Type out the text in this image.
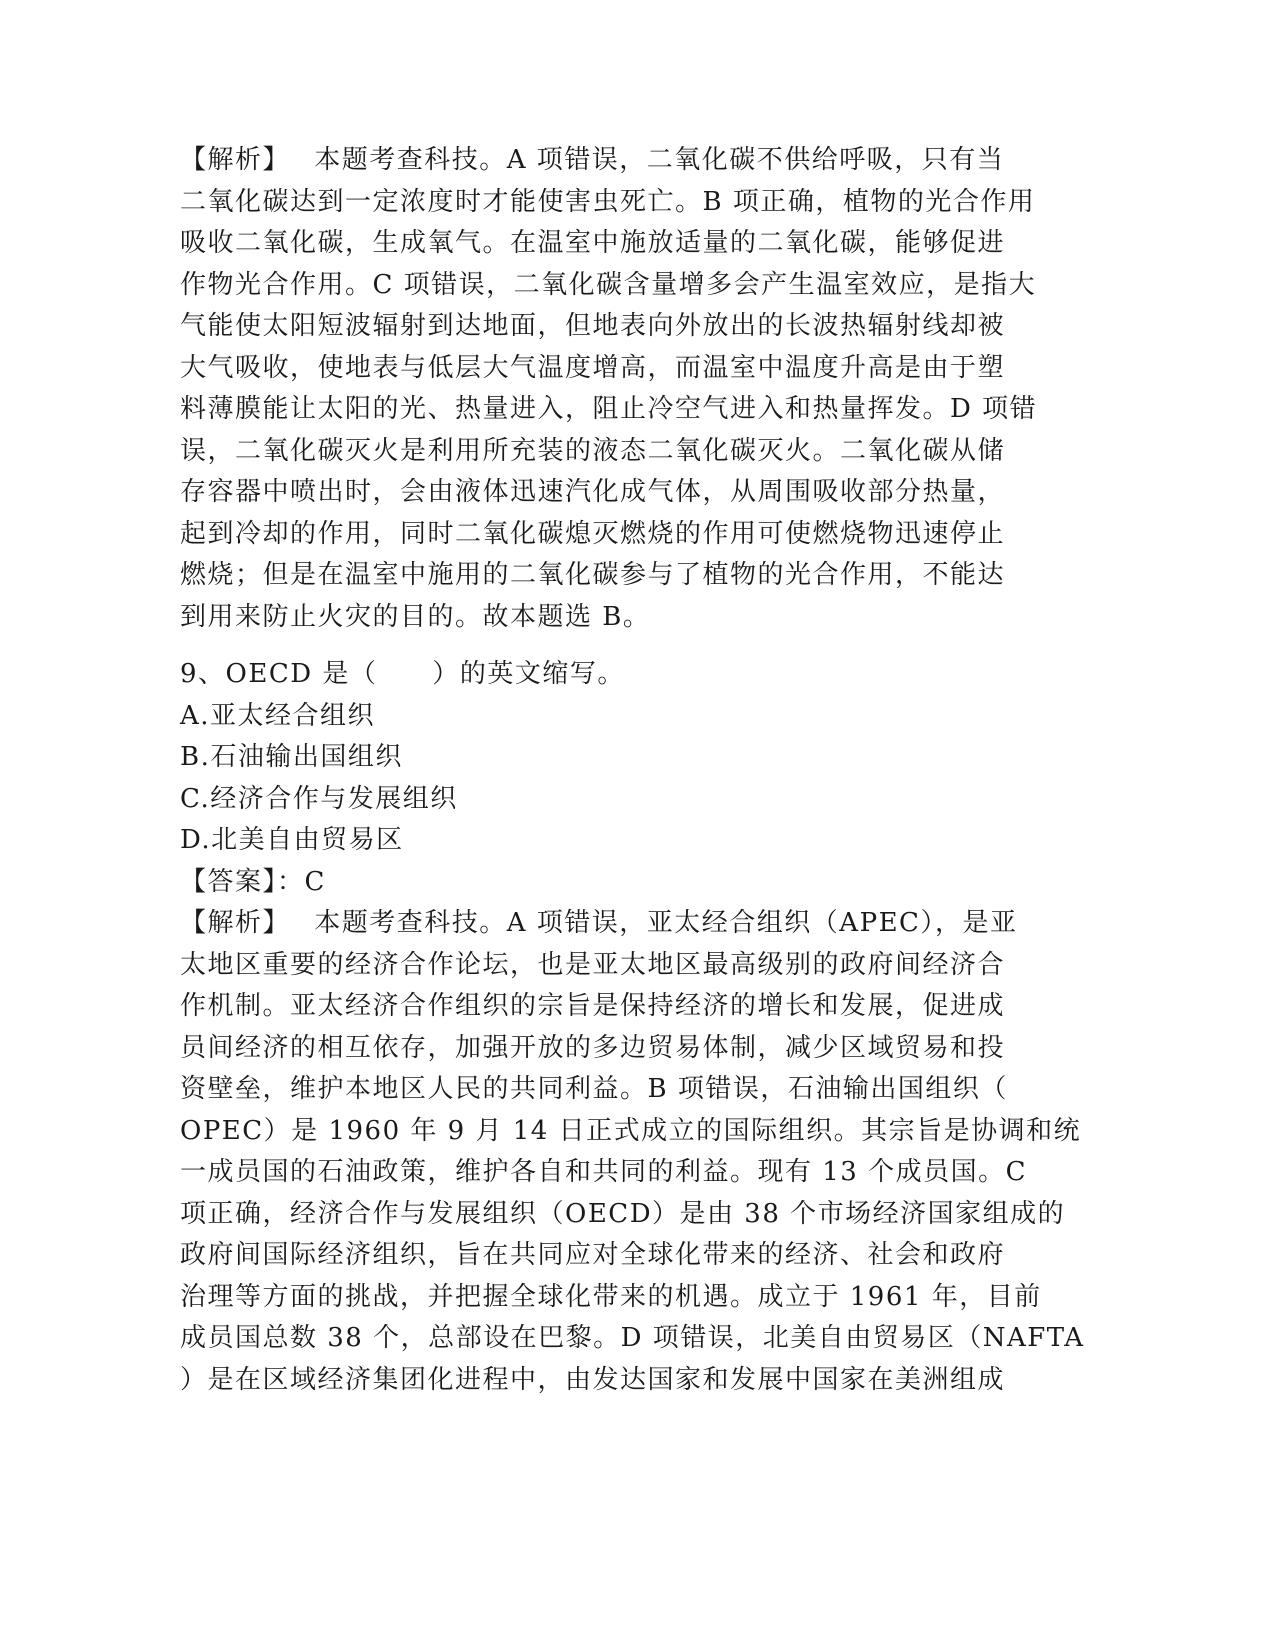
【解析】　 本题考查科技。A 项错误，二氧化碳不供给呼吸，只有当
二氧化碳达到一定浓度时才能使害虫死亡。B 项正确，植物的光合作用
吸收二氧化碳，生成氧气。在温室中施放适量的二氧化碳，能够促进
作物光合作用。C 项错误，二氧化碳含量增多会产生温室效应，是指大
气能使太阳短波辐射到达地面，但地表向外放出的长波热辐射线却被
大气吸收，使地表与低层大气温度增高，而温室中温度升高是由于塑
料薄膜能让太阳的光、热量进入，阻止冷空气进入和热量挥发。D 项错
误，二氧化碳灭火是利用所充装的液态二氧化碳灭火。二氧化碳从储
存容器中喷出时，会由液体迅速汽化成气体，从周围吸收部分热量，
起到冷却的作用，同时二氧化碳熄灭燃烧的作用可使燃烧物迅速停止
燃烧；但是在温室中施用的二氧化碳参与了植物的光合作用，不能达
到用来防止火灾的目的。故本题选 B。
9、OECD 是（　　）的英文缩写。
A.亚太经合组织
B.石油输出国组织
C.经济合作与发展组织
D.北美自由贸易区
【答案】：C
【解析】　 本题考查科技。A 项错误，亚太经合组织（APEC），是亚
太地区重要的经济合作论坛，也是亚太地区最高级别的政府间经济合
作机制。亚太经济合作组织的宗旨是保持经济的增长和发展，促进成
员间经济的相互依存，加强开放的多边贸易体制，减少区域贸易和投
资壁垒，维护本地区人民的共同利益。B 项错误，石油输出国组织（
OPEC）是 1960 年 9 月 14 日正式成立的国际组织。其宗旨是协调和统
一成员国的石油政策，维护各自和共同的利益。现有 13 个成员国。C
项正确，经济合作与发展组织（OECD）是由 38 个市场经济国家组成的
政府间国际经济组织，旨在共同应对全球化带来的经济、社会和政府
治理等方面的挑战，并把握全球化带来的机遇。成立于 1961 年，目前
成员国总数 38 个，总部设在巴黎。D 项错误，北美自由贸易区（NAFTA
）是在区域经济集团化进程中，由发达国家和发展中国家在美洲组成
